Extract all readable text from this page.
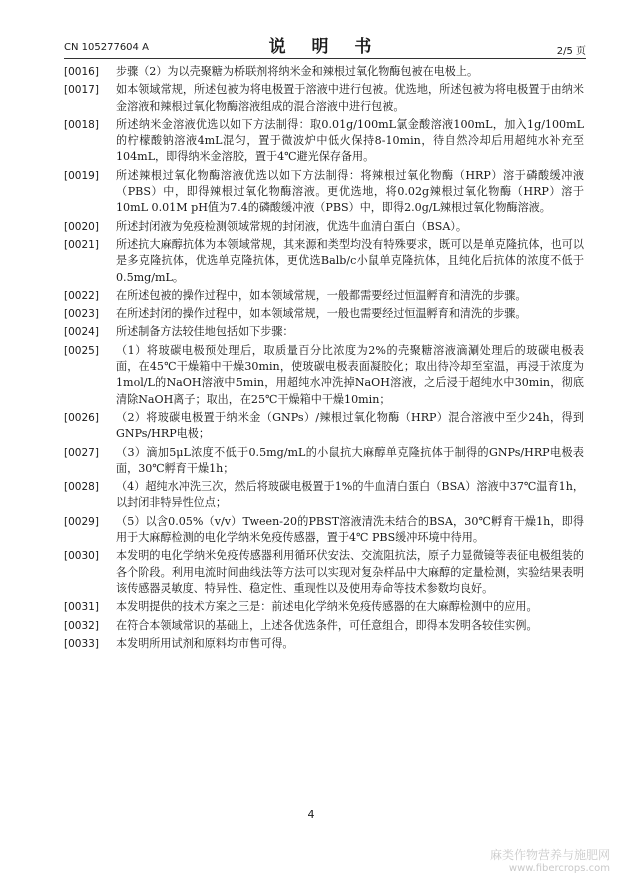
CN 105277604 A	说 明 书	2/5 页
[0016] 步骤（2）为以壳聚糖为桥联剂将纳米金和辣根过氧化物酶包被在电极上。
[0017] 如本领域常规，所述包被为将电极置于溶液中进行包被。优选地，所述包被为将电极置于由纳米金溶液和辣根过氧化物酶溶液组成的混合溶液中进行包被。
[0018] 所述纳米金溶液优选以如下方法制得：取0.01g/100mL氯金酸溶液100mL，加入1g/100mL的柠檬酸钠溶液4mL混匀，置于微波炉中低火保持8-10min，待自然冷却后用超纯水补充至104mL，即得纳米金溶胶，置于4℃避光保存备用。
[0019] 所述辣根过氧化物酶溶液优选以如下方法制得：将辣根过氧化物酶（HRP）溶于磷酸缓冲液（PBS）中，即得辣根过氧化物酶溶液。更优选地，将0.02g辣根过氧化物酶（HRP）溶于10mL 0.01M pH值为7.4的磷酸缓冲液（PBS）中，即得2.0g/L辣根过氧化物酶溶液。
[0020] 所述封闭液为免疫检测领域常规的封闭液，优选牛血清白蛋白（BSA）。
[0021] 所述抗大麻醇抗体为本领域常规，其来源和类型均没有特殊要求，既可以是单克隆抗体，也可以是多克隆抗体，优选单克隆抗体，更优选Balb/c小鼠单克隆抗体，且纯化后抗体的浓度不低于0.5mg/mL。
[0022] 在所述包被的操作过程中，如本领域常规，一般都需要经过恒温孵育和清洗的步骤。
[0023] 在所述封闭的操作过程中，如本领域常规，一般也需要经过恒温孵育和清洗的步骤。
[0024] 所述制备方法较佳地包括如下步骤：
[0025] （1）将玻碳电极预处理后，取质量百分比浓度为2%的壳聚糖溶液滴涮处理后的玻碳电极表面，在45℃干燥箱中干燥30min，使玻碳电极表面凝胶化；取出待冷却至室温，再浸于浓度为1mol/L的NaOH溶液中5min，用超纯水冲洗掉NaOH溶液，之后浸于超纯水中30min，彻底清除NaOH离子；取出，在25℃干燥箱中干燥10min；
[0026] （2）将玻碳电极置于纳米金（GNPs）/辣根过氧化物酶（HRP）混合溶液中至少24h，得到GNPs/HRP电极；
[0027] （3）滴加5μL浓度不低于0.5mg/mL的小鼠抗大麻醇单克隆抗体于制得的GNPs/HRP电极表面，30℃孵育干燥1h；
[0028] （4）超纯水冲洗三次，然后将玻碳电极置于1%的牛血清白蛋白（BSA）溶液中37℃温育1h，以封闭非特异性位点；
[0029] （5）以含0.05%（v/v）Tween-20的PBST溶液清洗未结合的BSA，30℃孵育干燥1h，即得用于大麻醇检测的电化学纳米免疫传感器，置于4℃ PBS缓冲环境中待用。
[0030] 本发明的电化学纳米免疫传感器利用循环伏安法、交流阻抗法，原子力显微镜等表征电极组装的各个阶段。利用电流时间曲线法等方法可以实现对复杂样品中大麻醇的定量检测，实验结果表明该传感器灵敏度、特异性、稳定性、重现性以及使用寿命等技术参数均良好。
[0031] 本发明提供的技术方案之三是：前述电化学纳米免疫传感器的在大麻醇检测中的应用。
[0032] 在符合本领域常识的基础上，上述各优选条件，可任意组合，即得本发明各较佳实例。
[0033] 本发明所用试剂和原料均市售可得。
4
麻类作物营养与施肥网
www.fibercrops.com
